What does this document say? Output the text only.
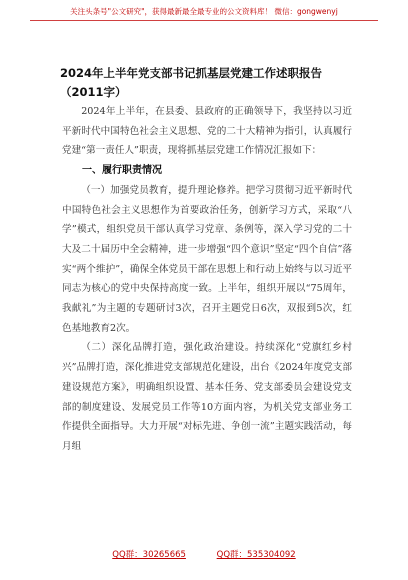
关注头条号"公文研究"，获得最新最全最专业的公文资料库！ 微信：gongwenyj
2024年上半年党支部书记抓基层党建工作述职报告（2011字）

2024年上半年，在县委、县政府的正确领导下，我坚持以习近平新时代中国特色社会主义思想、党的二十大精神为指引，认真履行党建“第一责任人”职责，现将抓基层党建工作情况汇报如下：

一、履行职责情况

（一）加强党员教育，提升理论修养。把学习贯彻习近平新时代中国特色社会主义思想作为首要政治任务，创新学习方式，采取“八学”模式，组织党员干部认真学习党章、条例等，深入学习党的二十大及二十届历中全会精神，进一步增强“四个意识”坚定“四个自信”落实“两个维护”，确保全体党员干部在思想上和行动上始终与以习近平同志为核心的党中央保持高度一致。上半年，组织开展以“75周年，我献礼”为主题的专题研讨3次，召开主题党日6次，双报到5次，红色基地教育2次。

（二）深化品牌打造，强化政治建设。持续深化“党旗红乡村兴”品牌打造，深化推进党支部规范化建设，出台《2024年度党支部建设规范方案》，明确组织设置、基本任务、党支部委员会建设党支部的制度建设、发展党员工作等10方面内容，为机关党支部业务工作提供全面指导。大力开展“对标先进、争创一流”主题实践活动，每月组

QQ群：30265665	QQ群：535304092
